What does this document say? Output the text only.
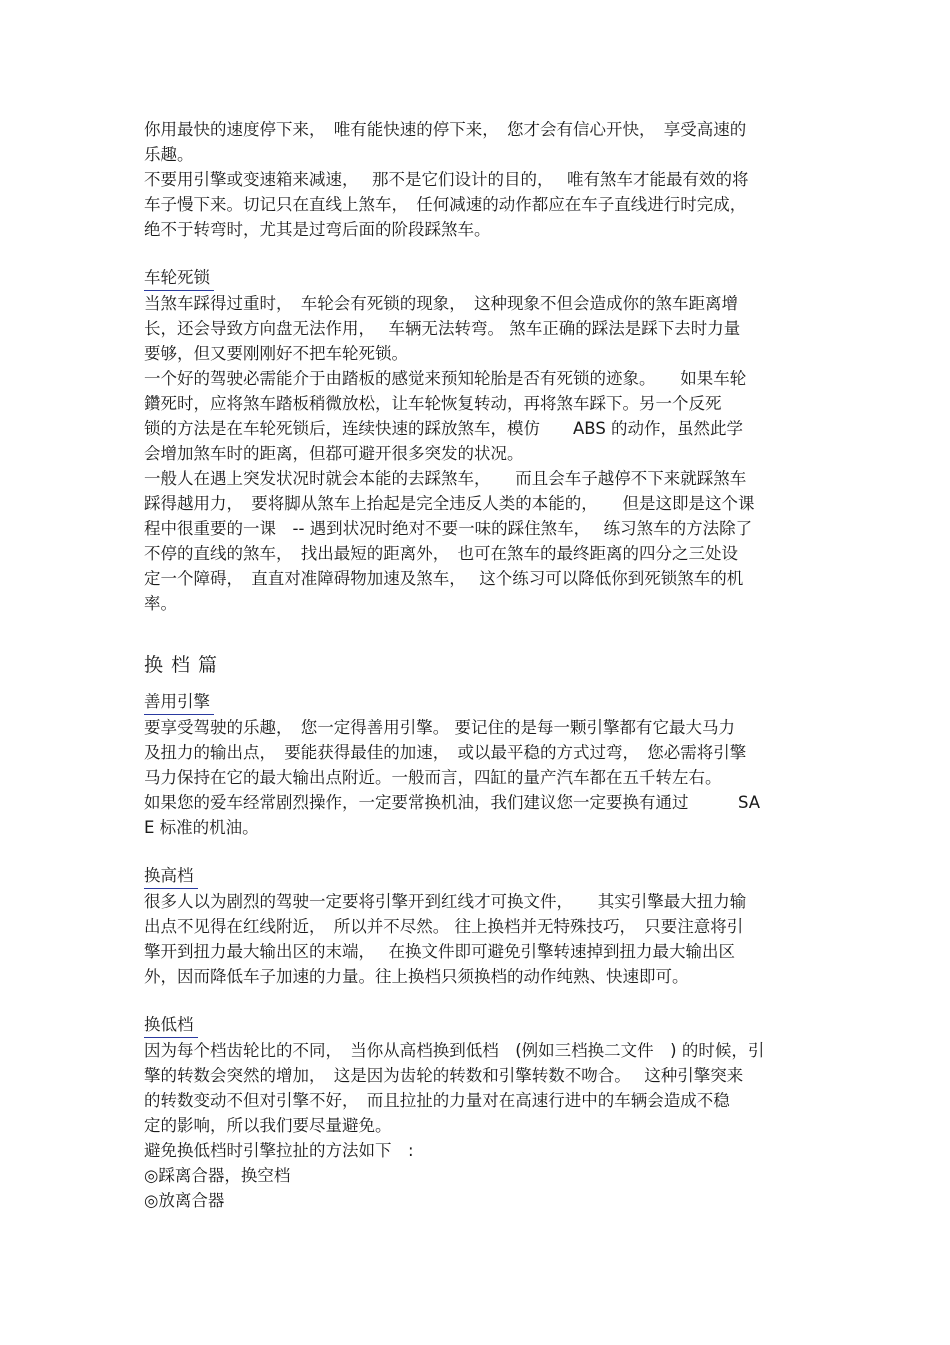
你用最快的速度停下来，　唯有能快速的停下来，　您才会有信心开快，　享受高速的
乐趣。
不要用引擎或变速箱来减速，　 那不是它们设计的目的，　 唯有煞车才能最有效的将
车子慢下来。切记只在直线上煞车，　任何减速的动作都应在车子直线进行时完成，
绝不于转弯时，尤其是过弯后面的阶段踩煞车。
车轮死锁
当煞车踩得过重时，　车轮会有死锁的现象，　这种现象不但会造成你的煞车距离增
长，还会导致方向盘无法作用，　 车辆无法转弯。 煞车正确的踩法是踩下去时力量
要够，但又要刚刚好不把车轮死锁。
一个好的驾驶必需能介于由踏板的感觉来预知轮胎是否有死锁的迹象。　　如果车轮
鑽死时，应将煞车踏板稍微放松，让车轮恢复转动，再将煞车踩下。另一个反死
锁的方法是在车轮死锁后，连续快速的踩放煞车，模仿　　ABS 的动作，虽然此学
会增加煞车时的距离，但鄀可避开很多突发的状况。
一般人在遇上突发状况时就会本能的去踩煞车，　　而且会车子越停不下来就踩煞车
踩得越用力，　要将脚从煞车上抬起是完全违反人类的本能的，　　但是这即是这个课
程中很重要的一课　-- 遇到状况时绝对不要一味的踩住煞车，　 练习煞车的方法除了
不停的直线的煞车，　找出最短的距离外，　也可在煞车的最终距离的四分之三处设
定一个障碍，　直直对准障碍物加速及煞车，　 这个练习可以降低你到死锁煞车的机
率。
换档篇
善用引擎
要享受驾驶的乐趣，　您一定得善用引擎。 要记住的是每一颗引擎都有它最大马力
及扭力的输出点，　要能获得最佳的加速，　或以最平稳的方式过弯，　您必需将引擎
马力保持在它的最大输出点附近。一般而言，四缸的量产汽车都在五千转左右。
如果您的爱车经常剧烈操作，一定要常换机油，我们建议您一定要换有通过　　　SA
E 标准的机油。
换高档
很多人以为剧烈的驾驶一定要将引擎开到红线才可换文件，　　其实引擎最大扭力输
出点不见得在红线附近，　所以并不尽然。 往上换档并无特殊技巧，　只要注意将引
擎开到扭力最大输出区的末端，　 在换文件即可避免引擎转速掉到扭力最大输出区
外，因而降低车子加速的力量。往上换档只须换档的动作纯熟、快速即可。
换低档
因为每个档齿轮比的不同，　当你从高档换到低档　(例如三档换二文件　) 的时候，引
擎的转数会突然的增加，　这是因为齿轮的转数和引擎转数不吻合。　 这种引擎突来
的转数变动不但对引擎不好，　而且拉扯的力量对在高速行进中的车辆会造成不稳
定的影响，所以我们要尽量避免。
避免换低档时引擎拉扯的方法如下　:
◎踩离合器，换空档
◎放离合器
